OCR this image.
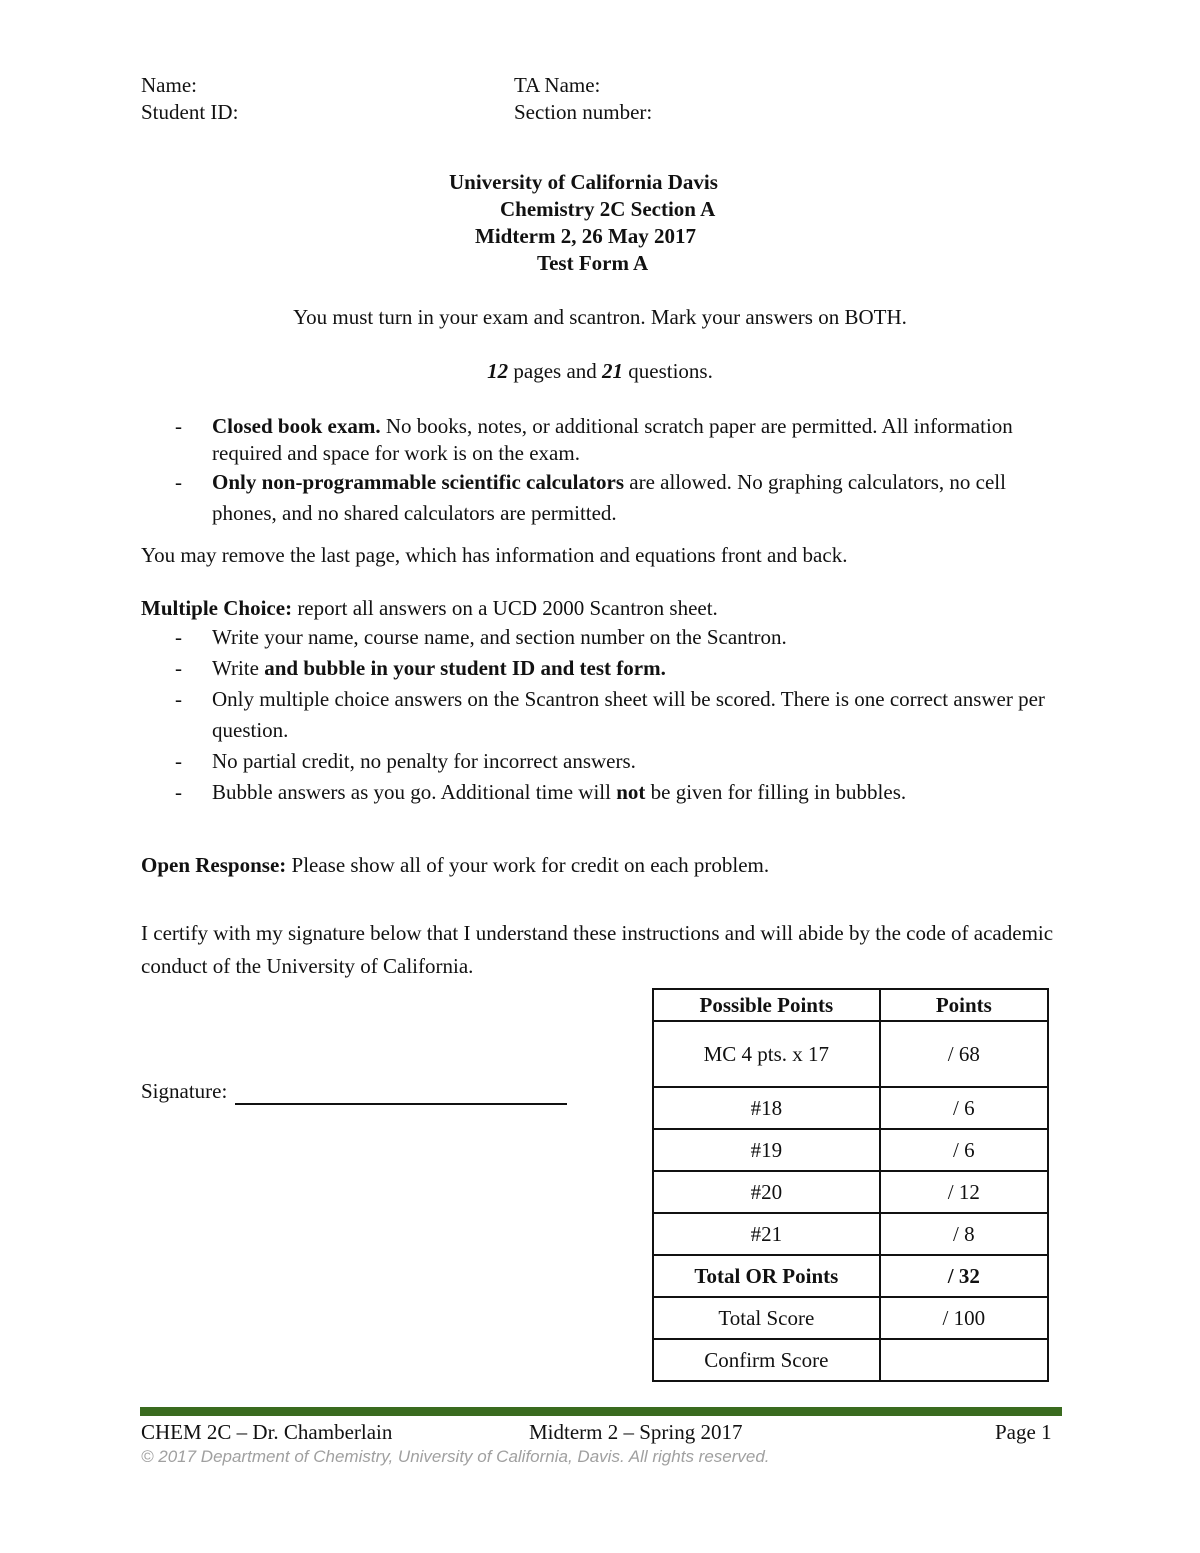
Name:
Student ID:
TA Name:
Section number:
University of California Davis
Chemistry 2C Section A
Midterm 2, 26 May 2017
Test Form A
You must turn in your exam and scantron. Mark your answers on BOTH.
12 pages and 21 questions.
- Closed book exam. No books, notes, or additional scratch paper are permitted. All information required and space for work is on the exam.
- Only non-programmable scientific calculators are allowed. No graphing calculators, no cell phones, and no shared calculators are permitted.
You may remove the last page, which has information and equations front and back.
Multiple Choice: report all answers on a UCD 2000 Scantron sheet.
- Write your name, course name, and section number on the Scantron.
- Write and bubble in your student ID and test form.
- Only multiple choice answers on the Scantron sheet will be scored. There is one correct answer per question.
- No partial credit, no penalty for incorrect answers.
- Bubble answers as you go. Additional time will not be given for filling in bubbles.
Open Response: Please show all of your work for credit on each problem.
I certify with my signature below that I understand these instructions and will abide by the code of academic conduct of the University of California.
Signature:
Possible Points	Points
MC 4 pts. x 17	/ 68
#18	/ 6
#19	/ 6
#20	/ 12
#21	/ 8
Total OR Points	/ 32
Total Score	/ 100
Confirm Score	
CHEM 2C – Dr. Chamberlain	Midterm 2 – Spring 2017	Page 1
© 2017 Department of Chemistry, University of California, Davis. All rights reserved.
